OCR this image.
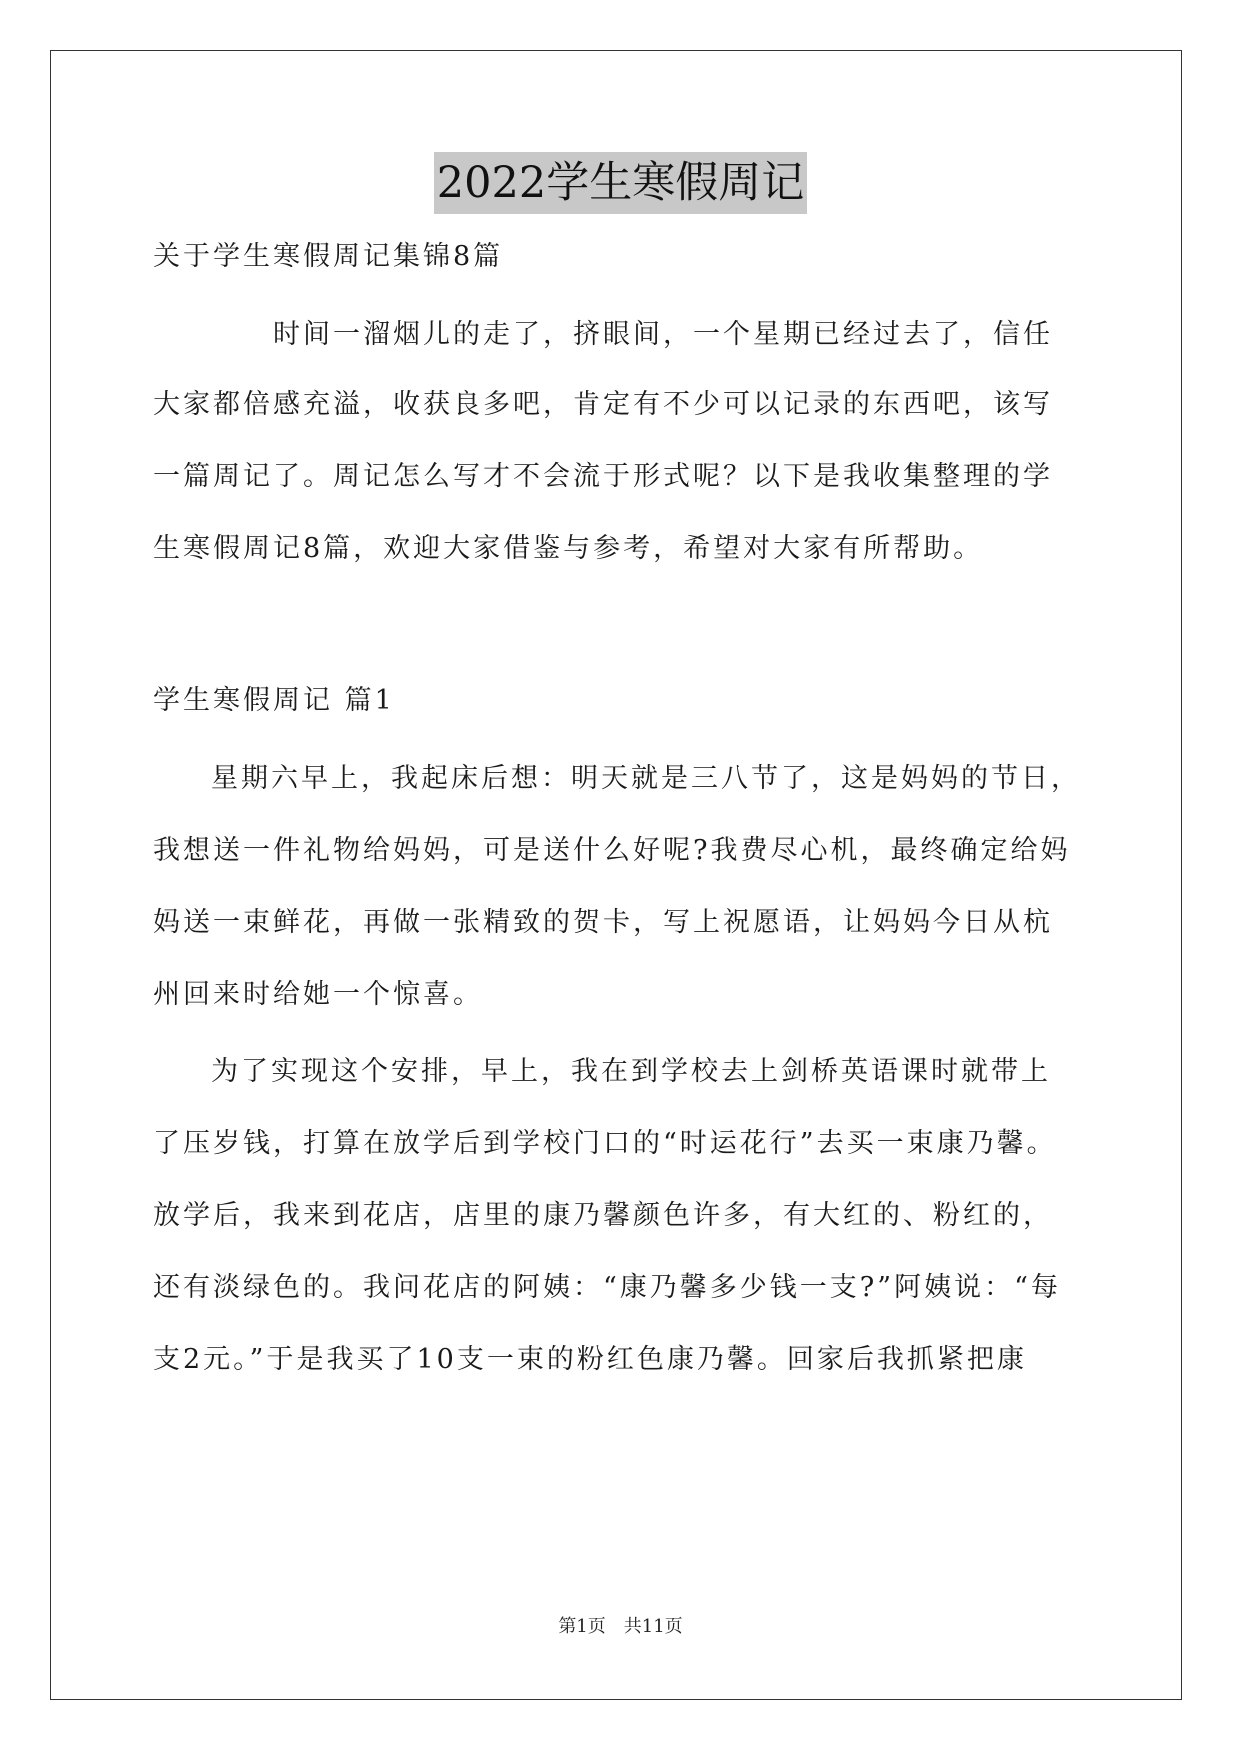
2022学生寒假周记
关于学生寒假周记集锦8篇
时间一溜烟儿的走了，挤眼间，一个星期已经过去了，信任
大家都倍感充溢，收获良多吧，肯定有不少可以记录的东西吧，该写
一篇周记了。周记怎么写才不会流于形式呢？以下是我收集整理的学
生寒假周记8篇，欢迎大家借鉴与参考，希望对大家有所帮助。
学生寒假周记 篇1
星期六早上，我起床后想：明天就是三八节了，这是妈妈的节日，
我想送一件礼物给妈妈，可是送什么好呢?我费尽心机，最终确定给妈
妈送一束鲜花，再做一张精致的贺卡，写上祝愿语，让妈妈今日从杭
州回来时给她一个惊喜。
为了实现这个安排，早上，我在到学校去上剑桥英语课时就带上
了压岁钱，打算在放学后到学校门口的“时运花行”去买一束康乃馨。
放学后，我来到花店，店里的康乃馨颜色许多，有大红的、粉红的，
还有淡绿色的。我问花店的阿姨：“康乃馨多少钱一支?”阿姨说：“每
支2元。”于是我买了10支一束的粉红色康乃馨。回家后我抓紧把康
第1页　共11页
